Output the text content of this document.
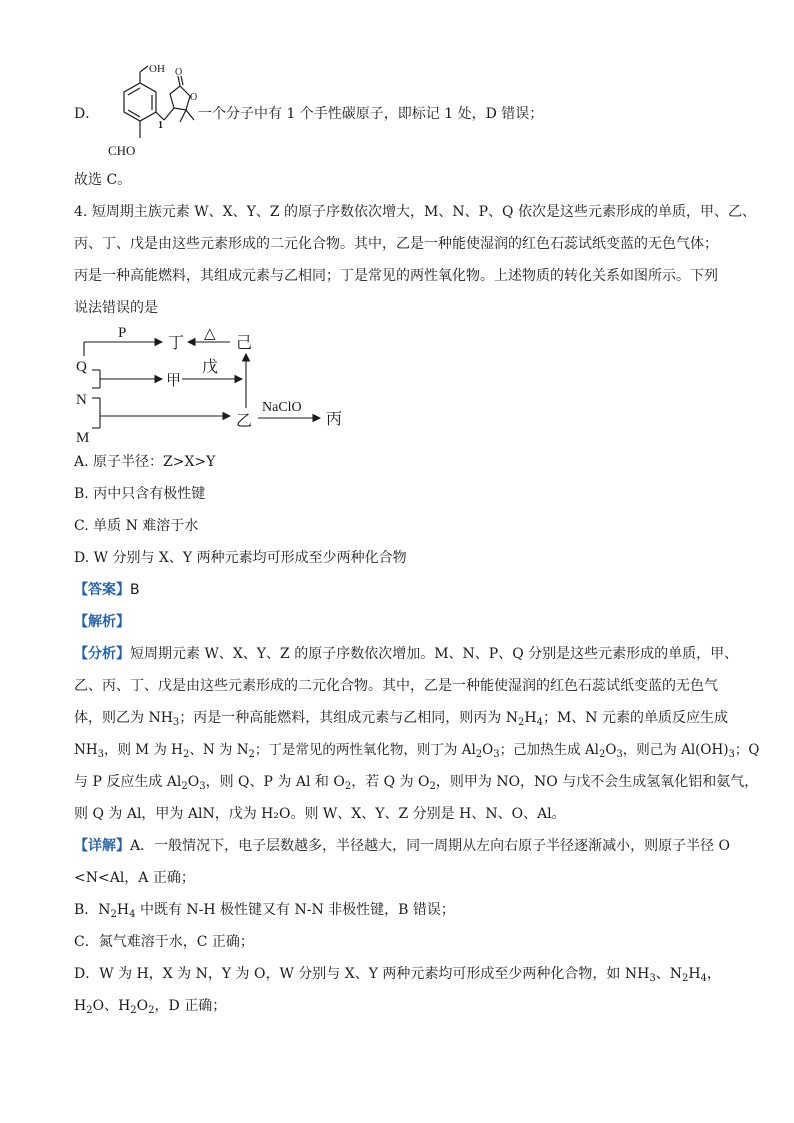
D．
OH O
O
1
CHO
一个分子中有 1 个手性碳原子，即标记 1 处，D 错误；
故选 C。
4. 短周期主族元素 W、X、Y、Z 的原子序数依次增大，M、N、P、Q 依次是这些元素形成的单质，甲、乙、
丙、丁、戊是由这些元素形成的二元化合物。其中，乙是一种能使湿润的红色石蕊试纸变蓝的无色气体；
丙是一种高能燃料，其组成元素与乙相同；丁是常见的两性氧化物。上述物质的转化关系如图所示。下列
说法错误的是
Q
N
M
P
丁
△
己
甲
戊
乙
NaClO
丙
A. 原子半径：Z>X>Y
B. 丙中只含有极性键
C. 单质 N 难溶于水
D. W 分别与 X、Y 两种元素均可形成至少两种化合物
【答案】B
【解析】
【分析】短周期元素 W、X、Y、Z 的原子序数依次增加。M、N、P、Q 分别是这些元素形成的单质，甲、
乙、丙、丁、戊是由这些元素形成的二元化合物。其中，乙是一种能使湿润的红色石蕊试纸变蓝的无色气
体，则乙为 $NH_3$；丙是一种高能燃料，其组成元素与乙相同，则丙为 $N_2H_4$；M、N 元素的单质反应生成
$NH_3$，则 M 为 $H_2$、N 为 $N_2$；丁是常见的两性氧化物，则丁为 $Al_2O_3$；己加热生成 $Al_2O_3$，则己为 $Al(OH)_3$；Q
与 P 反应生成 $Al_2O_3$，则 Q、P 为 Al 和 $O_2$，若 Q 为 $O_2$，则甲为 NO，NO 与戊不会生成氢氧化铝和氨气，
则 Q 为 Al，甲为 AlN，戊为 H₂O。则 W、X、Y、Z 分别是 H、N、O、Al。
【详解】A．一般情况下，电子层数越多，半径越大，同一周期从左向右原子半径逐渐减小，则原子半径 O
<N<Al，A 正确；
B．$N_2H_4$ 中既有 N-H 极性键又有 N-N 非极性键，B 错误；
C．氮气难溶于水，C 正确；
D．W 为 H，X 为 N，Y 为 O，W 分别与 X、Y 两种元素均可形成至少两种化合物，如 $NH_3$、$N_2H_4$，
$H_2O$、$H_2O_2$，D 正确；
